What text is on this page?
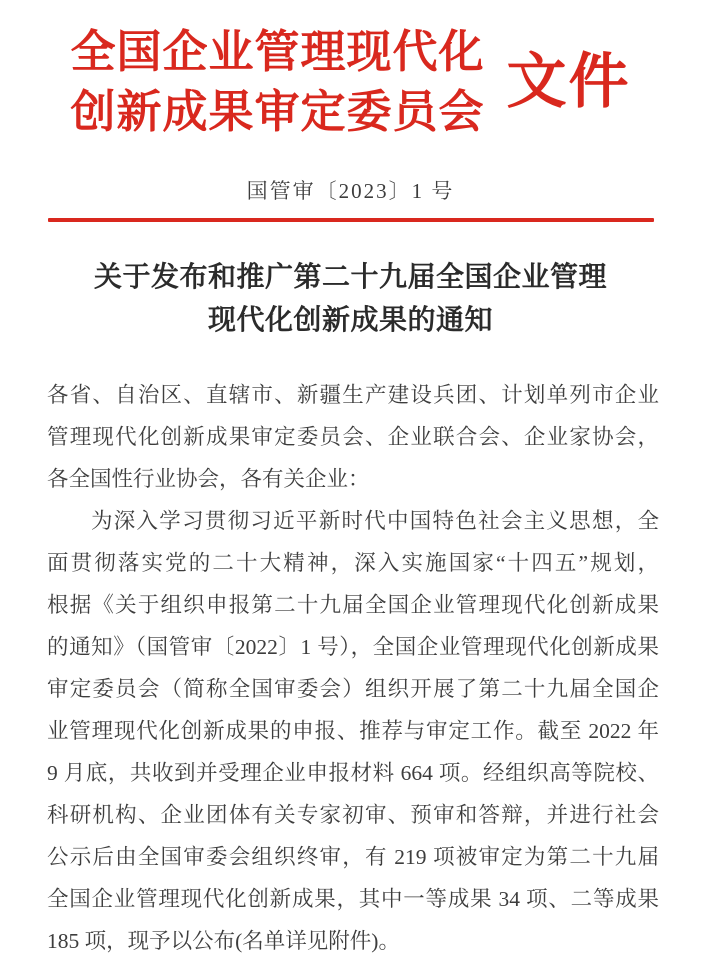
全国企业管理现代化
创新成果审定委员会 文件
国管审〔2023〕1 号
关于发布和推广第二十九届全国企业管理
现代化创新成果的通知
各省、自治区、直辖市、新疆生产建设兵团、计划单列市企业
管理现代化创新成果审定委员会、企业联合会、企业家协会，
各全国性行业协会，各有关企业：
为深入学习贯彻习近平新时代中国特色社会主义思想，全
面贯彻落实党的二十大精神，深入实施国家“十四五”规划，
根据《关于组织申报第二十九届全国企业管理现代化创新成果
的通知》（国管审〔2022〕1 号），全国企业管理现代化创新成果
审定委员会（简称全国审委会）组织开展了第二十九届全国企
业管理现代化创新成果的申报、推荐与审定工作。截至 2022 年
9 月底，共收到并受理企业申报材料 664 项。经组织高等院校、
科研机构、企业团体有关专家初审、预审和答辩，并进行社会
公示后由全国审委会组织终审，有 219 项被审定为第二十九届
全国企业管理现代化创新成果，其中一等成果 34 项、二等成果
185 项，现予以公布(名单详见附件)。
